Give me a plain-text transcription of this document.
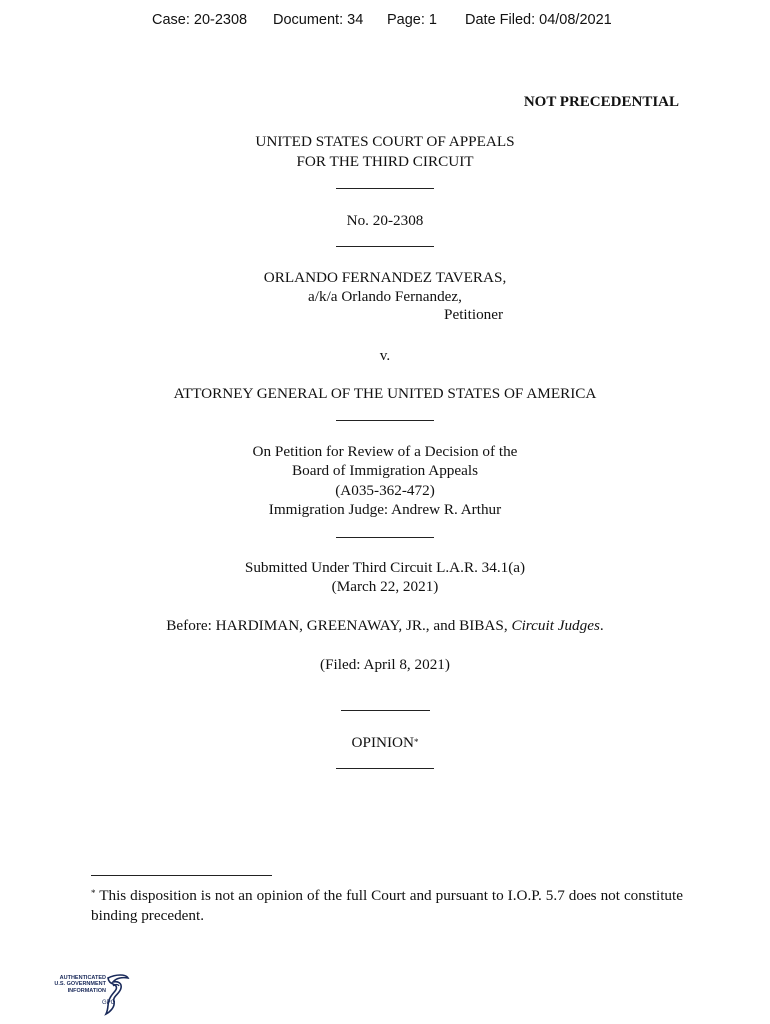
Case: 20-2308 Document: 34 Page: 1 Date Filed: 04/08/2021
NOT PRECEDENTIAL
UNITED STATES COURT OF APPEALS
FOR THE THIRD CIRCUIT
No. 20-2308
ORLANDO FERNANDEZ TAVERAS,
a/k/a Orlando Fernandez,
Petitioner
v.
ATTORNEY GENERAL OF THE UNITED STATES OF AMERICA
On Petition for Review of a Decision of the
Board of Immigration Appeals
(A035-362-472)
Immigration Judge: Andrew R. Arthur
Submitted Under Third Circuit L.A.R. 34.1(a)
(March 22, 2021)
Before: HARDIMAN, GREENAWAY, JR., and BIBAS, Circuit Judges.
(Filed: April 8, 2021)
OPINION*
* This disposition is not an opinion of the full Court and pursuant to I.O.P. 5.7 does not constitute binding precedent.
AUTHENTICATED
U.S. GOVERNMENT
INFORMATION
GPO
